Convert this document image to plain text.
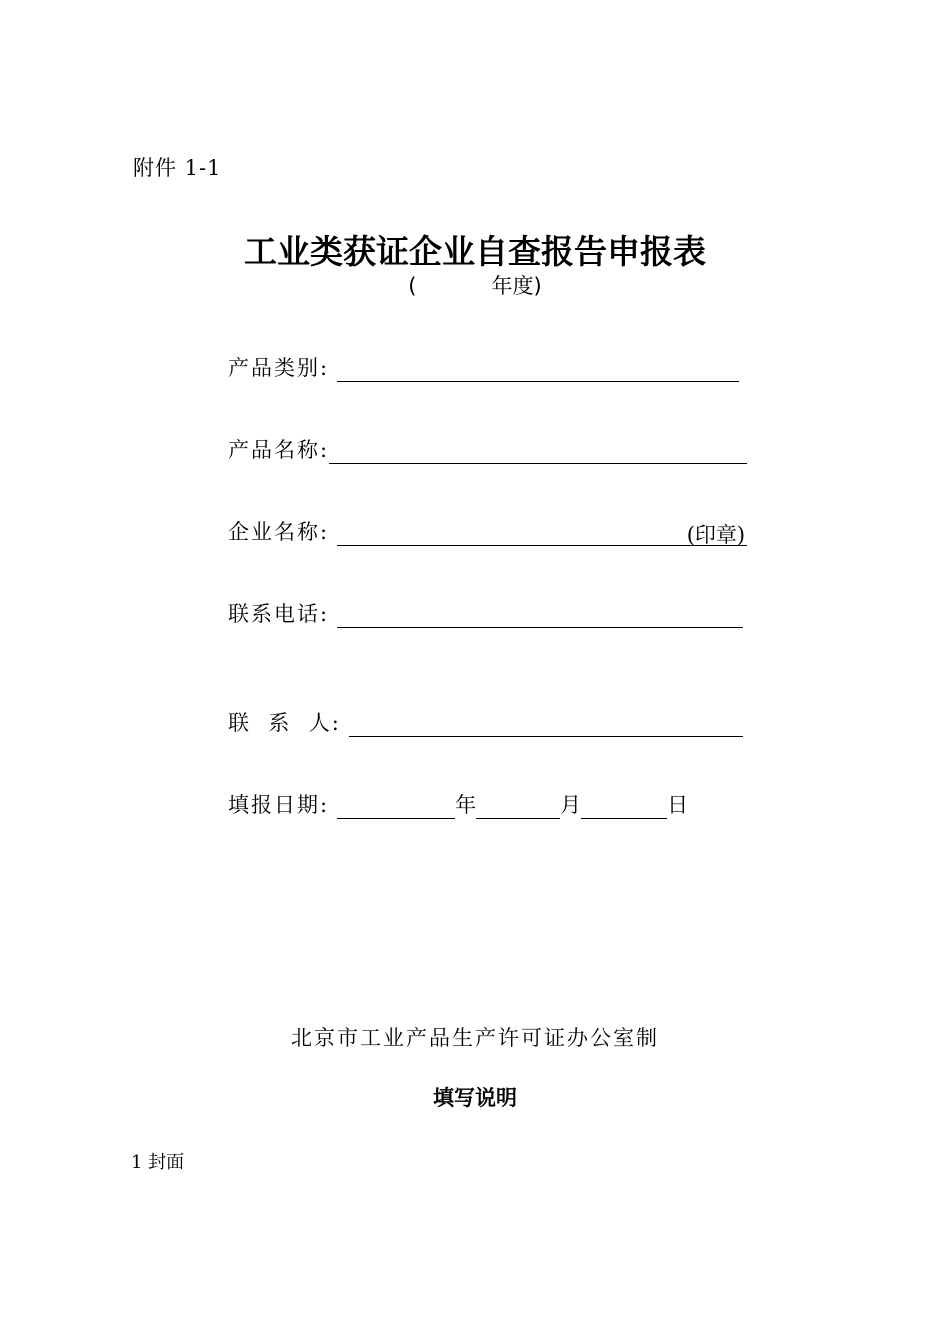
附件 1-1
工业类获证企业自查报告申报表
(	年度)
产品类别:
产品名称:
企业名称:	(印章)
联系电话:
联  系  人:
填报日期:	年	月	日
北京市工业产品生产许可证办公室制
填写说明
1 封面
